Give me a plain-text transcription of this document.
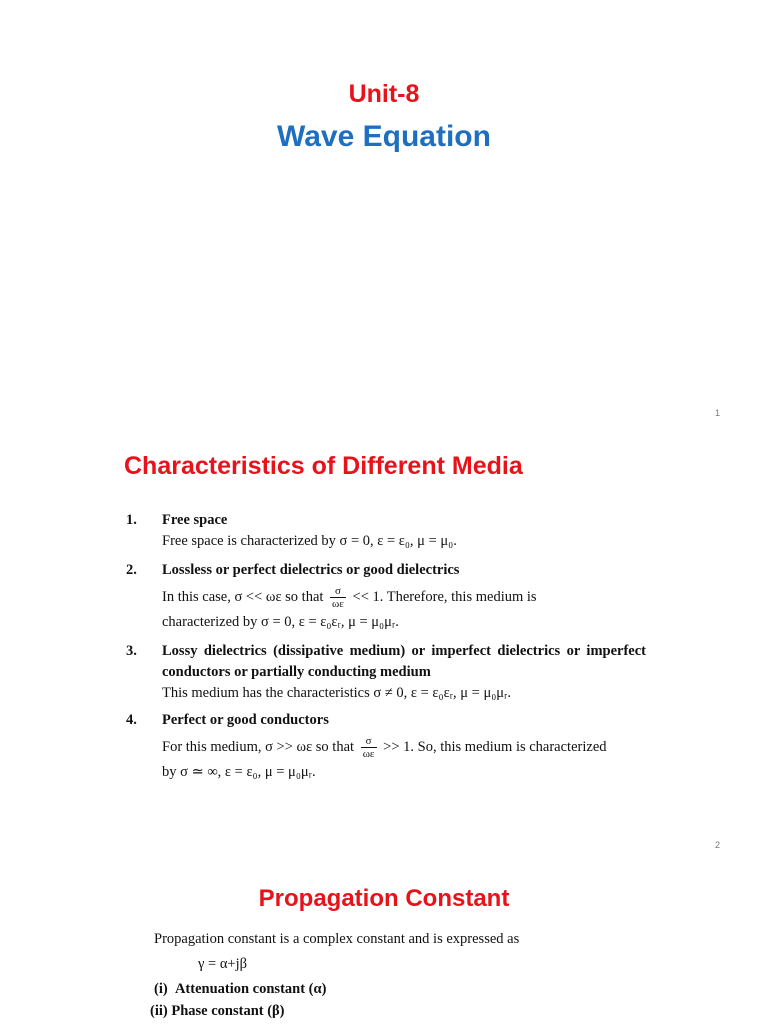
Unit-8
Wave Equation
1
Characteristics of Different Media
1. Free space
Free space is characterized by σ = 0, ε = ε₀, μ = μ₀.
2. Lossless or perfect dielectrics or good dielectrics
In this case, σ << ωε so that $\frac{\sigma}{\omega\varepsilon} << 1$. Therefore, this medium is
characterized by σ = 0, ε = ε₀εᵣ, μ = μ₀μᵣ.
3. Lossy dielectrics (dissipative medium) or imperfect dielectrics or imperfect conductors or partially conducting medium
This medium has the characteristics σ ≠ 0, ε = ε₀εᵣ, μ = μ₀μᵣ.
4. Perfect or good conductors
For this medium, σ >> ωε so that $\frac{\sigma}{\omega\varepsilon} >> 1$. So, this medium is characterized
by σ ≃ ∞, ε = ε₀, μ = μ₀μᵣ.
2
Propagation Constant
Propagation constant is a complex constant and is expressed as
γ = α+jβ
(i) Attenuation constant (α)
(ii) Phase constant (β)
